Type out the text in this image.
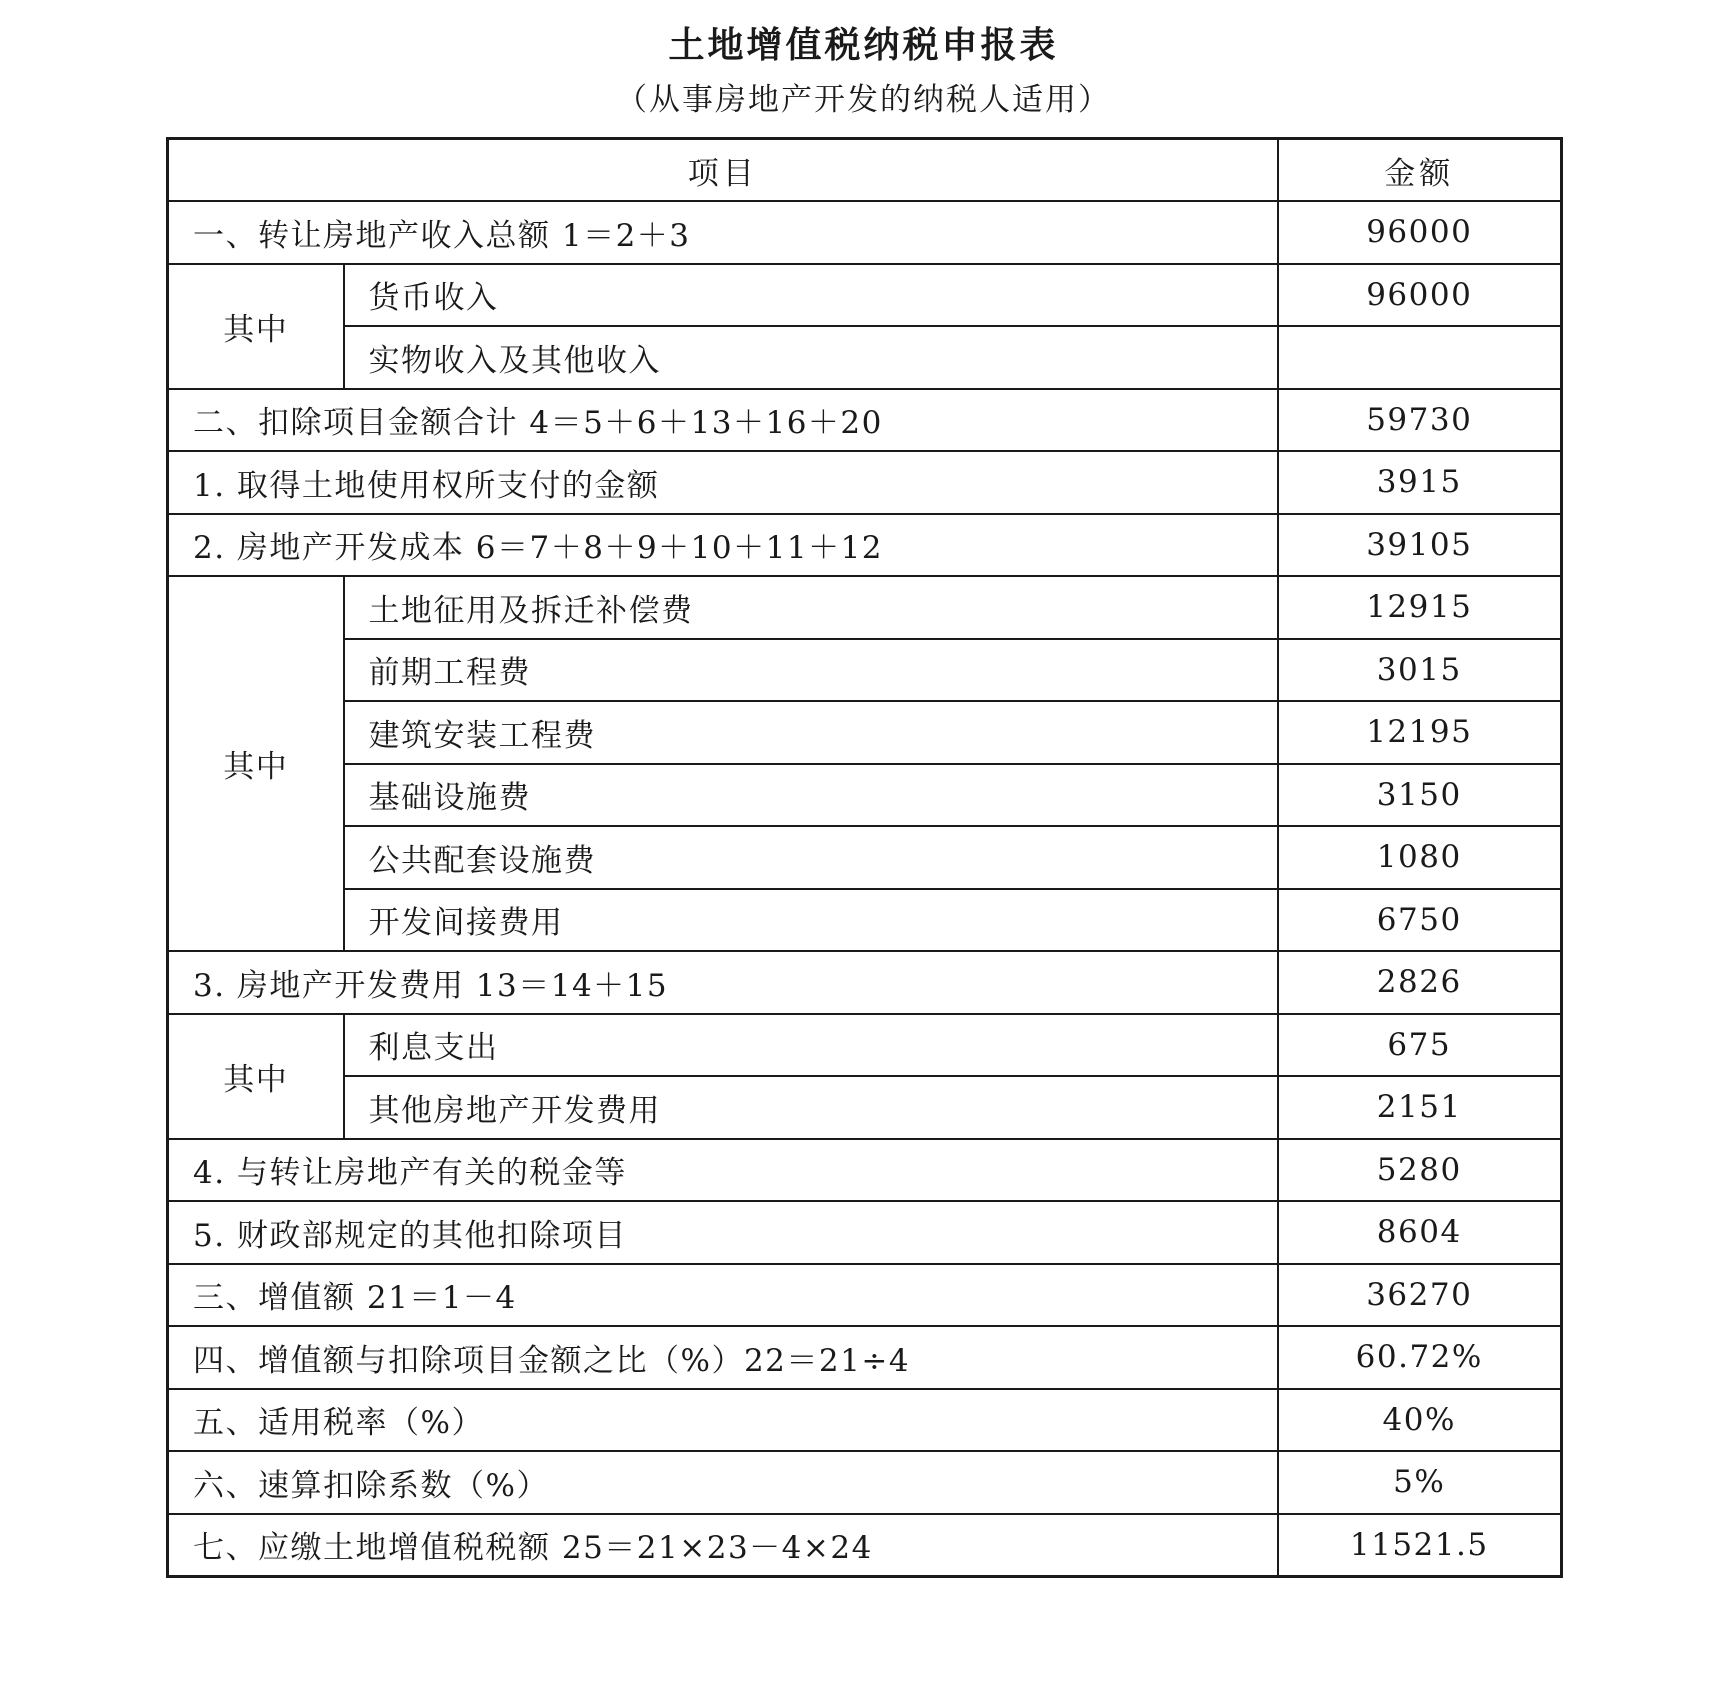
土地增值税纳税申报表
（从事房地产开发的纳税人适用）
项目		金额
一、转让房地产收入总额 1＝2＋3		96000
其中	货币收入	96000
	实物收入及其他收入	
二、扣除项目金额合计 4＝5＋6＋13＋16＋20		59730
1. 取得土地使用权所支付的金额		3915
2. 房地产开发成本 6＝7＋8＋9＋10＋11＋12		39105
其中	土地征用及拆迁补偿费	12915
	前期工程费	3015
	建筑安装工程费	12195
	基础设施费	3150
	公共配套设施费	1080
	开发间接费用	6750
3. 房地产开发费用 13＝14＋15		2826
其中	利息支出	675
	其他房地产开发费用	2151
4. 与转让房地产有关的税金等		5280
5. 财政部规定的其他扣除项目		8604
三、增值额 21＝1－4		36270
四、增值额与扣除项目金额之比（%）22＝21÷4		60.72%
五、适用税率（%）		40%
六、速算扣除系数（%）		5%
七、应缴土地增值税税额 25＝21×23－4×24		11521.5
